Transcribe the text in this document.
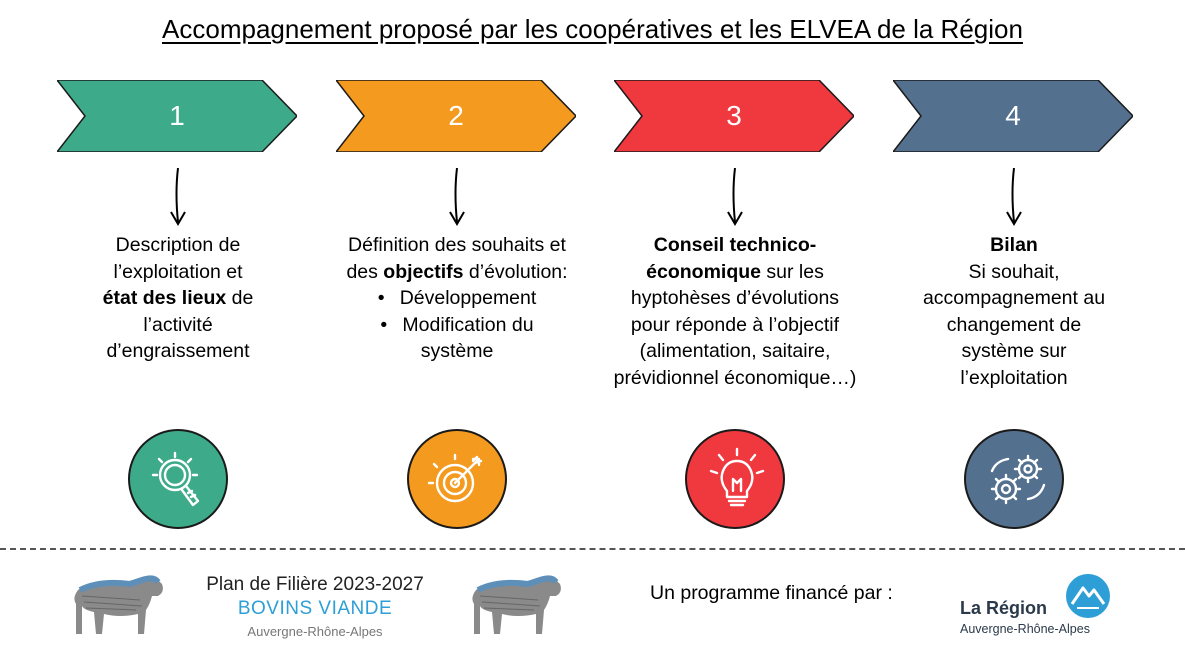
Accompagnement proposé par les coopératives et les ELVEA de la Région
1
Description de
l’exploitation et
état des lieux de
l’activité
d’engraissement
2
Définition des souhaits et
des objectifs d’évolution:
• Développement
• Modification du système
3
Conseil technico-
économique sur les
hyptohèses d’évolutions
pour réponde à l’objectif
(alimentation, saitaire,
prévidionnel économique…)
4
Bilan
Si souhait,
accompagnement au
changement de
système sur
l’exploitation
Plan de Filière 2023-2027
BOVINS VIANDE
Auvergne-Rhône-Alpes
Un programme financé par :
La Région
Auvergne-Rhône-Alpes
